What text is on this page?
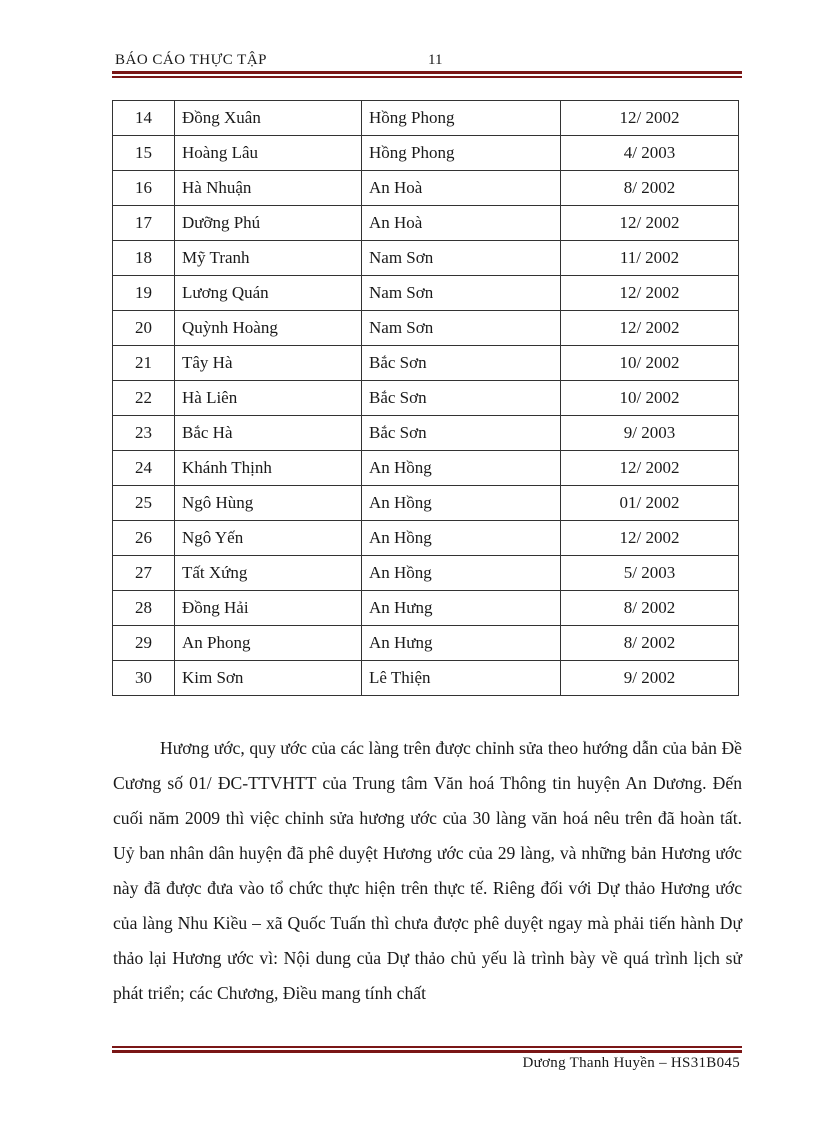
BÁO CÁO THỰC TẬP	11
14	Đồng Xuân	Hồng Phong	12/ 2002
15	Hoàng Lâu	Hồng Phong	4/ 2003
16	Hà Nhuận	An Hoà	8/ 2002
17	Dưỡng Phú	An Hoà	12/ 2002
18	Mỹ Tranh	Nam Sơn	11/ 2002
19	Lương Quán	Nam Sơn	12/ 2002
20	Quỳnh Hoàng	Nam Sơn	12/ 2002
21	Tây Hà	Bắc Sơn	10/ 2002
22	Hà Liên	Bắc Sơn	10/ 2002
23	Bắc Hà	Bắc Sơn	9/ 2003
24	Khánh Thịnh	An Hồng	12/ 2002
25	Ngô Hùng	An Hồng	01/ 2002
26	Ngô Yến	An Hồng	12/ 2002
27	Tất Xứng	An Hồng	5/ 2003
28	Đồng Hải	An Hưng	8/ 2002
29	An Phong	An Hưng	8/ 2002
30	Kim Sơn	Lê Thiện	9/ 2002

Hương ước, quy ước của các làng trên được chỉnh sửa theo hướng dẫn của bản Đề Cương số 01/ ĐC-TTVHTT của Trung tâm Văn hoá Thông tin huyện An Dương. Đến cuối năm 2009 thì việc chỉnh sửa hương ước của 30 làng văn hoá nêu trên đã hoàn tất. Uỷ ban nhân dân huyện đã phê duyệt Hương ước của 29 làng, và những bản Hương ước này đã được đưa vào tổ chức thực hiện trên thực tế. Riêng đối với Dự thảo Hương ước của làng Nhu Kiều – xã Quốc Tuấn thì chưa được phê duyệt ngay mà phải tiến hành Dự thảo lại Hương ước vì: Nội dung của Dự thảo chủ yếu là trình bày về quá trình lịch sử phát triển; các Chương, Điều mang tính chất

Dương Thanh Huyền – HS31B045
